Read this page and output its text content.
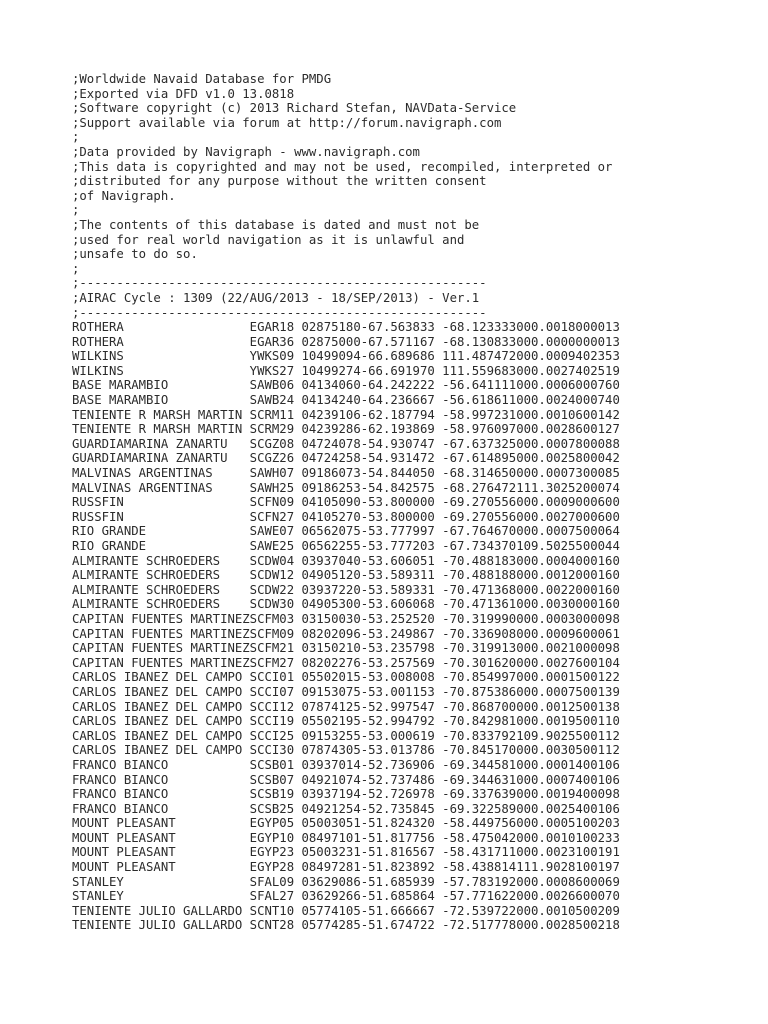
;Worldwide Navaid Database for PMDG
;Exported via DFD v1.0 13.0818
;Software copyright (c) 2013 Richard Stefan, NAVData-Service
;Support available via forum at http://forum.navigraph.com
;
;Data provided by Navigraph - www.navigraph.com
;This data is copyrighted and may not be used, recompiled, interpreted or
;distributed for any purpose without the written consent
;of Navigraph.
;
;The contents of this database is dated and must not be
;used for real world navigation as it is unlawful and
;unsafe to do so.
;
;-------------------------------------------------------
;AIRAC Cycle : 1309 (22/AUG/2013 - 18/SEP/2013) - Ver.1
;-------------------------------------------------------
ROTHERA                 EGAR18 02875180-67.563833 -68.123333000.0018000013
ROTHERA                 EGAR36 02875000-67.571167 -68.130833000.0000000013
WILKINS                 YWKS09 10499094-66.689686 111.487472000.0009402353
WILKINS                 YWKS27 10499274-66.691970 111.559683000.0027402519
BASE MARAMBIO           SAWB06 04134060-64.242222 -56.641111000.0006000760
BASE MARAMBIO           SAWB24 04134240-64.236667 -56.618611000.0024000740
TENIENTE R MARSH MARTIN SCRM11 04239106-62.187794 -58.997231000.0010600142
TENIENTE R MARSH MARTIN SCRM29 04239286-62.193869 -58.976097000.0028600127
GUARDIAMARINA ZANARTU   SCGZ08 04724078-54.930747 -67.637325000.0007800088
GUARDIAMARINA ZANARTU   SCGZ26 04724258-54.931472 -67.614895000.0025800042
MALVINAS ARGENTINAS     SAWH07 09186073-54.844050 -68.314650000.0007300085
MALVINAS ARGENTINAS     SAWH25 09186253-54.842575 -68.276472111.3025200074
RUSSFIN                 SCFN09 04105090-53.800000 -69.270556000.0009000600
RUSSFIN                 SCFN27 04105270-53.800000 -69.270556000.0027000600
RIO GRANDE              SAWE07 06562075-53.777997 -67.764670000.0007500064
RIO GRANDE              SAWE25 06562255-53.777203 -67.734370109.5025500044
ALMIRANTE SCHROEDERS    SCDW04 03937040-53.606051 -70.488183000.0004000160
ALMIRANTE SCHROEDERS    SCDW12 04905120-53.589311 -70.488188000.0012000160
ALMIRANTE SCHROEDERS    SCDW22 03937220-53.589331 -70.471368000.0022000160
ALMIRANTE SCHROEDERS    SCDW30 04905300-53.606068 -70.471361000.0030000160
CAPITAN FUENTES MARTINEZSCFM03 03150030-53.252520 -70.319990000.0003000098
CAPITAN FUENTES MARTINEZSCFM09 08202096-53.249867 -70.336908000.0009600061
CAPITAN FUENTES MARTINEZSCFM21 03150210-53.235798 -70.319913000.0021000098
CAPITAN FUENTES MARTINEZSCFM27 08202276-53.257569 -70.301620000.0027600104
CARLOS IBANEZ DEL CAMPO SCCI01 05502015-53.008008 -70.854997000.0001500122
CARLOS IBANEZ DEL CAMPO SCCI07 09153075-53.001153 -70.875386000.0007500139
CARLOS IBANEZ DEL CAMPO SCCI12 07874125-52.997547 -70.868700000.0012500138
CARLOS IBANEZ DEL CAMPO SCCI19 05502195-52.994792 -70.842981000.0019500110
CARLOS IBANEZ DEL CAMPO SCCI25 09153255-53.000619 -70.833792109.9025500112
CARLOS IBANEZ DEL CAMPO SCCI30 07874305-53.013786 -70.845170000.0030500112
FRANCO BIANCO           SCSB01 03937014-52.736906 -69.344581000.0001400106
FRANCO BIANCO           SCSB07 04921074-52.737486 -69.344631000.0007400106
FRANCO BIANCO           SCSB19 03937194-52.726978 -69.337639000.0019400098
FRANCO BIANCO           SCSB25 04921254-52.735845 -69.322589000.0025400106
MOUNT PLEASANT          EGYP05 05003051-51.824320 -58.449756000.0005100203
MOUNT PLEASANT          EGYP10 08497101-51.817756 -58.475042000.0010100233
MOUNT PLEASANT          EGYP23 05003231-51.816567 -58.431711000.0023100191
MOUNT PLEASANT          EGYP28 08497281-51.823892 -58.438814111.9028100197
STANLEY                 SFAL09 03629086-51.685939 -57.783192000.0008600069
STANLEY                 SFAL27 03629266-51.685864 -57.771622000.0026600070
TENIENTE JULIO GALLARDO SCNT10 05774105-51.666667 -72.539722000.0010500209
TENIENTE JULIO GALLARDO SCNT28 05774285-51.674722 -72.517778000.0028500218
